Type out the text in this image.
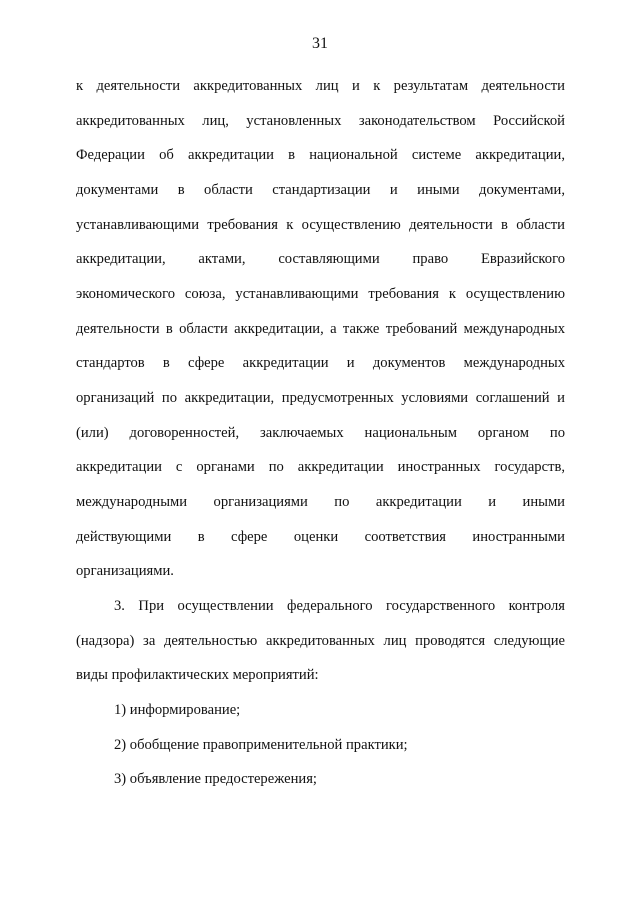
31
к деятельности аккредитованных лиц и к результатам деятельности
аккредитованных лиц, установленных законодательством Российской
Федерации об аккредитации в национальной системе аккредитации,
документами в области стандартизации и иными документами,
устанавливающими требования к осуществлению деятельности в области
аккредитации, актами, составляющими право Евразийского
экономического союза, устанавливающими требования к осуществлению
деятельности в области аккредитации, а также требований международных
стандартов в сфере аккредитации и документов международных
организаций по аккредитации, предусмотренных условиями соглашений и
(или) договоренностей, заключаемых национальным органом по
аккредитации с органами по аккредитации иностранных государств,
международными организациями по аккредитации и иными
действующими в сфере оценки соответствия иностранными
организациями.
3. При осуществлении федерального государственного контроля
(надзора) за деятельностью аккредитованных лиц проводятся следующие
виды профилактических мероприятий:
1) информирование;
2) обобщение правоприменительной практики;
3) объявление предостережения;
